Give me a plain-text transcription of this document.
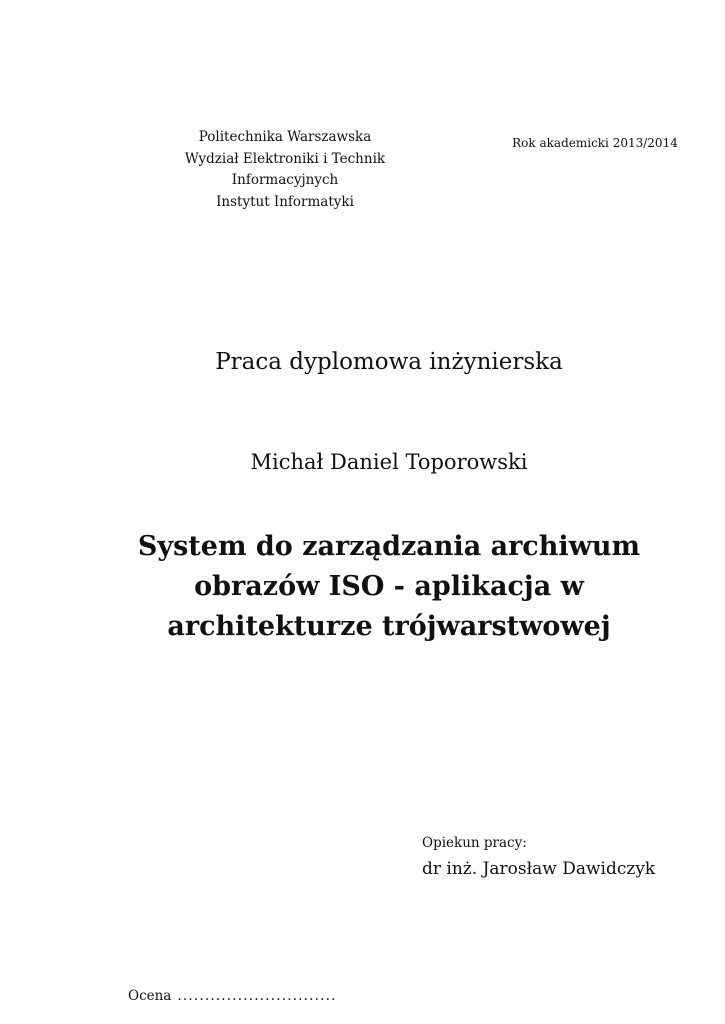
Politechnika Warszawska
Wydział Elektroniki i Technik
Informacyjnych
Instytut Informatyki
Rok akademicki 2013/2014
Praca dyplomowa inżynierska
Michał Daniel Toporowski
System do zarządzania archiwum
obrazów ISO - aplikacja w
architekturze trójwarstwowej
Opiekun pracy:
dr inż. Jarosław Dawidczyk
Ocena .............................
